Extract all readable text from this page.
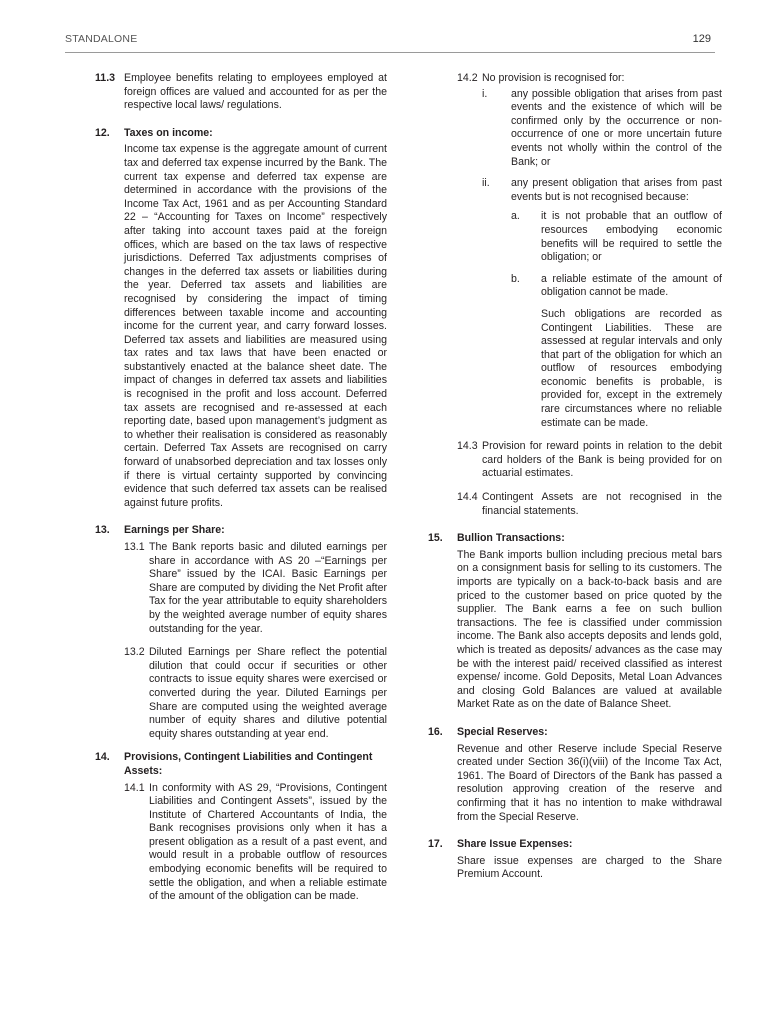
STANDALONE	129
11.3 Employee benefits relating to employees employed at foreign offices are valued and accounted for as per the respective local laws/ regulations.
12. Taxes on income:
Income tax expense is the aggregate amount of current tax and deferred tax expense incurred by the Bank. The current tax expense and deferred tax expense are determined in accordance with the provisions of the Income Tax Act, 1961 and as per Accounting Standard 22 – “Accounting for Taxes on Income” respectively after taking into account taxes paid at the foreign offices, which are based on the tax laws of respective jurisdictions. Deferred Tax adjustments comprises of changes in the deferred tax assets or liabilities during the year. Deferred tax assets and liabilities are recognised by considering the impact of timing differences between taxable income and accounting income for the current year, and carry forward losses. Deferred tax assets and liabilities are measured using tax rates and tax laws that have been enacted or substantively enacted at the balance sheet date. The impact of changes in deferred tax assets and liabilities is recognised in the profit and loss account. Deferred tax assets are recognised and re-assessed at each reporting date, based upon management’s judgment as to whether their realisation is considered as reasonably certain. Deferred Tax Assets are recognised on carry forward of unabsorbed depreciation and tax losses only if there is virtual certainty supported by convincing evidence that such deferred tax assets can be realised against future profits.
13. Earnings per Share:
13.1 The Bank reports basic and diluted earnings per share in accordance with AS 20 –“Earnings per Share” issued by the ICAI. Basic Earnings per Share are computed by dividing the Net Profit after Tax for the year attributable to equity shareholders by the weighted average number of equity shares outstanding for the year.
13.2 Diluted Earnings per Share reflect the potential dilution that could occur if securities or other contracts to issue equity shares were exercised or converted during the year. Diluted Earnings per Share are computed using the weighted average number of equity shares and dilutive potential equity shares outstanding at year end.
14. Provisions, Contingent Liabilities and Contingent Assets:
14.1 In conformity with AS 29, “Provisions, Contingent Liabilities and Contingent Assets”, issued by the Institute of Chartered Accountants of India, the Bank recognises provisions only when it has a present obligation as a result of a past event, and would result in a probable outflow of resources embodying economic benefits will be required to settle the obligation, and when a reliable estimate of the amount of the obligation can be made.
14.2 No provision is recognised for:
i. any possible obligation that arises from past events and the existence of which will be confirmed only by the occurrence or non-occurrence of one or more uncertain future events not wholly within the control of the Bank; or
ii. any present obligation that arises from past events but is not recognised because:
a. it is not probable that an outflow of resources embodying economic benefits will be required to settle the obligation; or
b. a reliable estimate of the amount of obligation cannot be made.
Such obligations are recorded as Contingent Liabilities. These are assessed at regular intervals and only that part of the obligation for which an outflow of resources embodying economic benefits is probable, is provided for, except in the extremely rare circumstances where no reliable estimate can be made.
14.3 Provision for reward points in relation to the debit card holders of the Bank is being provided for on actuarial estimates.
14.4 Contingent Assets are not recognised in the financial statements.
15. Bullion Transactions:
The Bank imports bullion including precious metal bars on a consignment basis for selling to its customers. The imports are typically on a back-to-back basis and are priced to the customer based on price quoted by the supplier. The Bank earns a fee on such bullion transactions. The fee is classified under commission income. The Bank also accepts deposits and lends gold, which is treated as deposits/ advances as the case may be with the interest paid/ received classified as interest expense/ income. Gold Deposits, Metal Loan Advances and closing Gold Balances are valued at available Market Rate as on the date of Balance Sheet.
16. Special Reserves:
Revenue and other Reserve include Special Reserve created under Section 36(i)(viii) of the Income Tax Act, 1961. The Board of Directors of the Bank has passed a resolution approving creation of the reserve and confirming that it has no intention to make withdrawal from the Special Reserve.
17. Share Issue Expenses:
Share issue expenses are charged to the Share Premium Account.
